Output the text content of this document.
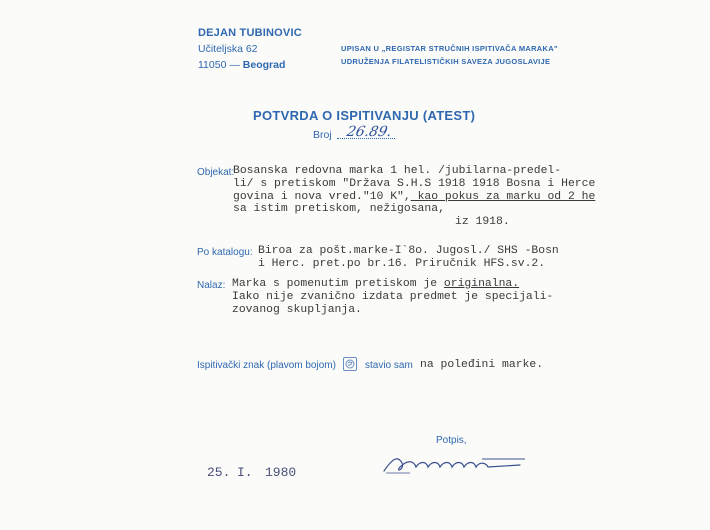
DEJAN TUBINOVIC
Učiteljska 62
11050 — Beograd
UPISAN U „REGISTAR STRUČNIH ISPITIVAČA MARAKA"
UDRUŽENJA FILATELISTIČKIH SAVEZA JUGOSLAVIJE
POTVRDA O ISPITIVANJU (ATEST)
Broj 26.89.
Objekat:
Bosanska redovna marka 1 hel. /jubilarna-predel-
li/ s pretiskom "Država S.H.S 1918 1918 Bosna i Herce
govina i nova vred."10 K", kao pokus za marku od 2 he
sa istim pretiskom, nežigosana,
iz 1918.
Po katalogu: Biroa za pošt.marke-I`8o. Jugosl./ SHS -Bosn
i Herc. pret.po br.16. Priručnik HFS.sv.2.
Nalaz: Marka s pomenutim pretiskom je originalna.
Iako nije zvanično izdata predmet je specijali-
zovanog skupljanja.
Ispitivački znak (plavom bojom)	stavio sam na poleđini marke.
Potpis,
25. I. 1980
